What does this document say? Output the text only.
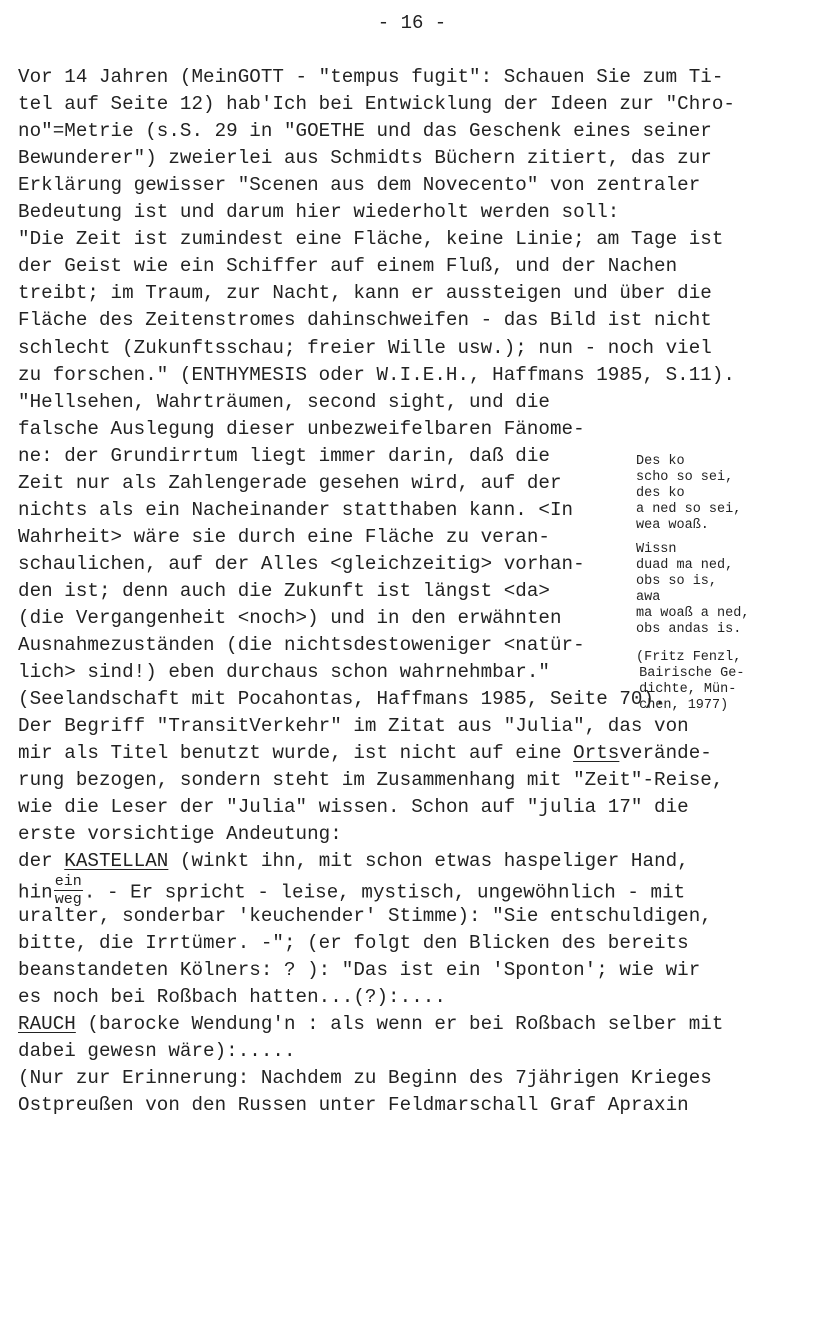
- 16 -
Vor 14 Jahren (MeinGOTT - "tempus fugit": Schauen Sie zum Ti-
tel auf Seite 12) hab'Ich bei Entwicklung der Ideen zur "Chro-
no"=Metrie (s.S. 29 in "GOETHE und das Geschenk eines seiner
Bewunderer") zweierlei aus Schmidts Büchern zitiert, das zur
Erklärung gewisser "Scenen aus dem Novecento" von zentraler
Bedeutung ist und darum hier wiederholt werden soll:
"Die Zeit ist zumindest eine Fläche, keine Linie; am Tage ist
der Geist wie ein Schiffer auf einem Fluß, und der Nachen
treibt; im Traum, zur Nacht, kann er aussteigen und über die
Fläche des Zeitenstromes dahinschweifen - das Bild ist nicht
schlecht (Zukunftsschau; freier Wille usw.); nun - noch viel
zu forschen." (ENTHYMESIS oder W.I.E.H., Haffmans 1985, S.11).
"Hellsehen, Wahrträumen, second sight, und die
falsche Auslegung dieser unbezweifelbaren Fänome-
ne: der Grundirrtum liegt immer darin, daß die
Zeit nur als Zahlengerade gesehen wird, auf der
nichts als ein Nacheinander statthaben kann. <In
Wahrheit> wäre sie durch eine Fläche zu veran-
schaulichen, auf der Alles <gleichzeitig> vorhan-
den ist; denn auch die Zukunft ist längst <da>
(die Vergangenheit <noch>) und in den erwähnten
Ausnahmezuständen (die nichtsdestoweniger <natür-
lich> sind!) eben durchaus schon wahrnehmbar."
(Seelandschaft mit Pocahontas, Haffmans 1985, Seite 70).
Der Begriff "TransitVerkehr" im Zitat aus "Julia", das von
mir als Titel benutzt wurde, ist nicht auf eine Ortsverände-
rung bezogen, sondern steht im Zusammenhang mit "Zeit"-Reise,
wie die Leser der "Julia" wissen. Schon auf "julia 17" die
erste vorsichtige Andeutung:
der KASTELLAN (winkt ihn, mit schon etwas haspeliger Hand,
hin $\frac{\text{ein}}{\text{weg}}$ . - Er spricht - leise, mystisch, ungewöhnlich - mit
uralter, sonderbar 'keuchender' Stimme): "Sie entschuldigen,
bitte, die Irrtümer. -"; (er folgt den Blicken des bereits
beanstandeten Kölners: ? ): "Das ist ein 'Sponton'; wie wir
es noch bei Roßbach hatten...(?):....
RAUCH (barocke Wendung'n : als wenn er bei Roßbach selber mit
dabei gewesn wäre):.....
(Nur zur Erinnerung: Nachdem zu Beginn des 7jährigen Krieges
Ostpreußen von den Russen unter Feldmarschall Graf Apraxin
Des ko
scho so sei,
des ko
a ned so sei,
wea woaß.
Wissn
duad ma ned,
obs so is,
awa
ma woaß a ned,
obs andas is.
(Fritz Fenzl,
Bairische Ge-
dichte, Mün-
chen, 1977)
